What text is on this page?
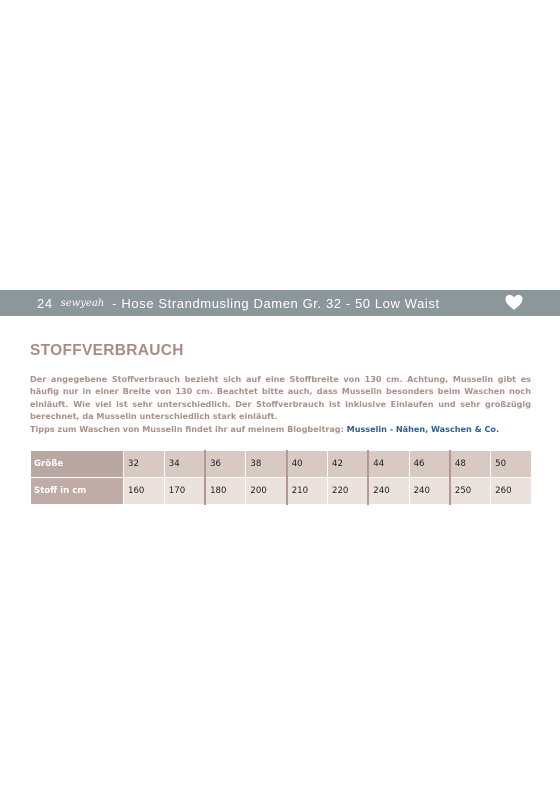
24 sewyeah - Hose Strandmusling Damen Gr. 32 - 50 Low Waist
STOFFVERBRAUCH

Der angegebene Stoffverbrauch bezieht sich auf eine Stoffbreite von 130 cm. Achtung, Musselin gibt es häufig nur in einer Breite von 130 cm. Beachtet bitte auch, dass Musselin besonders beim Waschen noch einläuft. Wie viel ist sehr unterschiedlich. Der Stoffverbrauch ist inklusive Einlaufen und sehr großzügig berechnet, da Musselin unterschiedlich stark einläuft.
Tipps zum Waschen von Musselin findet ihr auf meinem Blogbeitrag: Musselin - Nähen, Waschen & Co.

Größe	32	34	36	38	40	42	44	46	48	50
Stoff in cm	160	170	180	200	210	220	240	240	250	260
